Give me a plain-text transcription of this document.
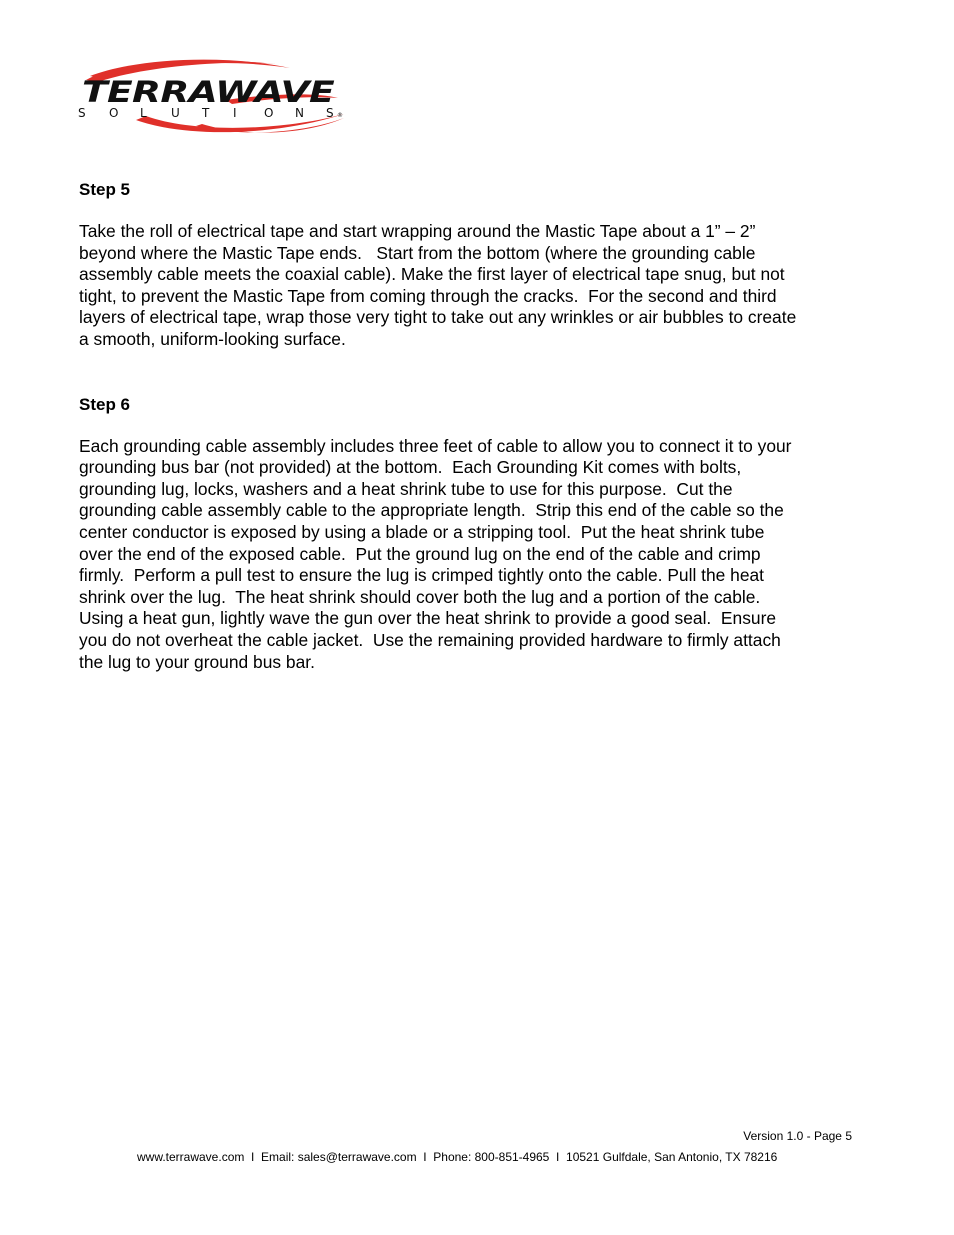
TERRAWAVE
S O L U T I O N S ®

Step 5

Take the roll of electrical tape and start wrapping around the Mastic Tape about a 1” – 2”
beyond where the Mastic Tape ends.   Start from the bottom (where the grounding cable
assembly cable meets the coaxial cable). Make the first layer of electrical tape snug, but not
tight, to prevent the Mastic Tape from coming through the cracks.  For the second and third
layers of electrical tape, wrap those very tight to take out any wrinkles or air bubbles to create
a smooth, uniform-looking surface.

Step 6

Each grounding cable assembly includes three feet of cable to allow you to connect it to your
grounding bus bar (not provided) at the bottom.  Each Grounding Kit comes with bolts,
grounding lug, locks, washers and a heat shrink tube to use for this purpose.  Cut the
grounding cable assembly cable to the appropriate length.  Strip this end of the cable so the
center conductor is exposed by using a blade or a stripping tool.  Put the heat shrink tube
over the end of the exposed cable.  Put the ground lug on the end of the cable and crimp
firmly.  Perform a pull test to ensure the lug is crimped tightly onto the cable. Pull the heat
shrink over the lug.  The heat shrink should cover both the lug and a portion of the cable.
Using a heat gun, lightly wave the gun over the heat shrink to provide a good seal.  Ensure
you do not overheat the cable jacket.  Use the remaining provided hardware to firmly attach
the lug to your ground bus bar.

Version 1.0 - Page 5
www.terrawave.com  I  Email: sales@terrawave.com  I  Phone: 800-851-4965  I  10521 Gulfdale, San Antonio, TX 78216
